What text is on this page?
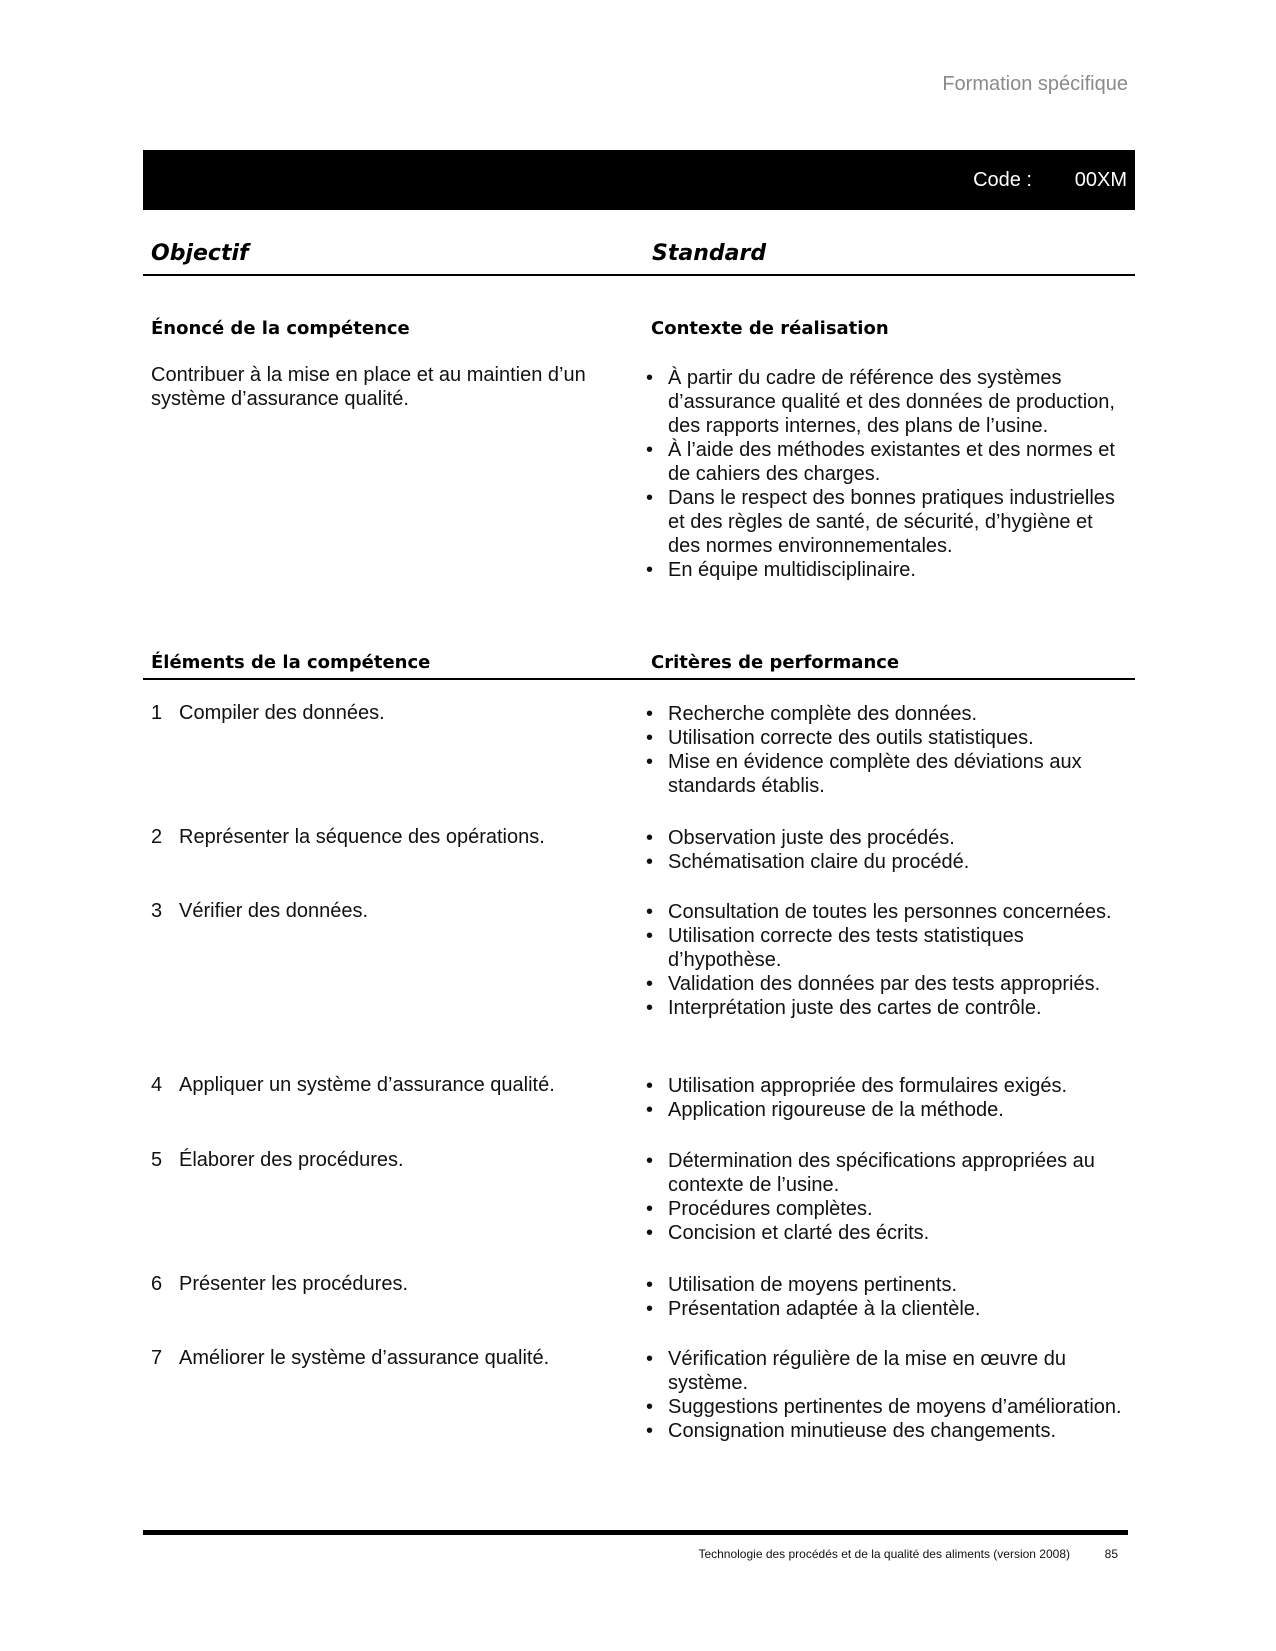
Formation spécifique
Code : 00XM
Objectif	Standard
Énoncé de la compétence	Contexte de réalisation
Contribuer à la mise en place et au maintien d’un système d’assurance qualité.
• À partir du cadre de référence des systèmes d’assurance qualité et des données de production, des rapports internes, des plans de l’usine.
• À l’aide des méthodes existantes et des normes et de cahiers des charges.
• Dans le respect des bonnes pratiques industrielles et des règles de santé, de sécurité, d’hygiène et des normes environnementales.
• En équipe multidisciplinaire.
Éléments de la compétence	Critères de performance
1 Compiler des données.	• Recherche complète des données.
• Utilisation correcte des outils statistiques.
• Mise en évidence complète des déviations aux standards établis.
2 Représenter la séquence des opérations.	• Observation juste des procédés.
• Schématisation claire du procédé.
3 Vérifier des données.	• Consultation de toutes les personnes concernées.
• Utilisation correcte des tests statistiques d’hypothèse.
• Validation des données par des tests appropriés.
• Interprétation juste des cartes de contrôle.
4 Appliquer un système d’assurance qualité.	• Utilisation appropriée des formulaires exigés.
• Application rigoureuse de la méthode.
5 Élaborer des procédures.	• Détermination des spécifications appropriées au contexte de l’usine.
• Procédures complètes.
• Concision et clarté des écrits.
6 Présenter les procédures.	• Utilisation de moyens pertinents.
• Présentation adaptée à la clientèle.
7 Améliorer le système d’assurance qualité.	• Vérification régulière de la mise en œuvre du système.
• Suggestions pertinentes de moyens d’amélioration.
• Consignation minutieuse des changements.
Technologie des procédés et de la qualité des aliments (version 2008)	85
